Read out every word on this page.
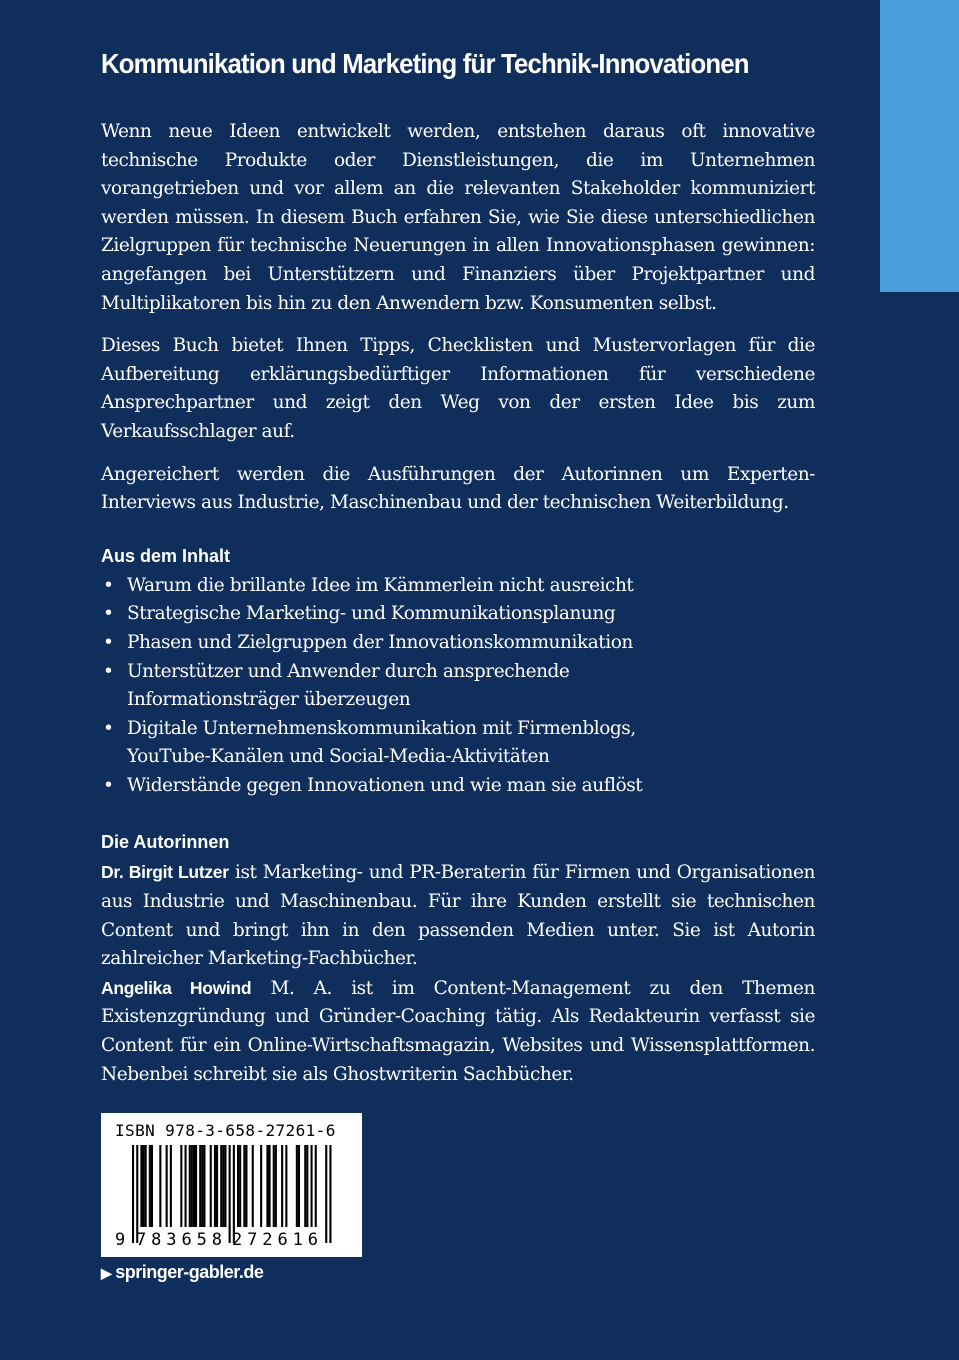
Kommunikation und Marketing für Technik-Innovationen

Wenn neue Ideen entwickelt werden, entstehen daraus oft innovative technische Produkte oder Dienstleistungen, die im Unternehmen vorangetrieben und vor allem an die relevanten Stakeholder kommuniziert werden müssen. In diesem Buch erfahren Sie, wie Sie diese unterschiedlichen Zielgruppen für technische Neuerungen in allen Innovationsphasen gewinnen: angefangen bei Unterstützern und Finanziers über Projektpartner und Multiplikatoren bis hin zu den Anwendern bzw. Konsumenten selbst.

Dieses Buch bietet Ihnen Tipps, Checklisten und Mustervorlagen für die Aufbereitung erklärungsbedürftiger Informationen für verschiedene Ansprechpartner und zeigt den Weg von der ersten Idee bis zum Verkaufsschlager auf.

Angereichert werden die Ausführungen der Autorinnen um Experten-Interviews aus Industrie, Maschinenbau und der technischen Weiterbildung.

Aus dem Inhalt
• Warum die brillante Idee im Kämmerlein nicht ausreicht
• Strategische Marketing- und Kommunikationsplanung
• Phasen und Zielgruppen der Innovationskommunikation
• Unterstützer und Anwender durch ansprechende
Informationsträger überzeugen
• Digitale Unternehmenskommunikation mit Firmenblogs,
YouTube-Kanälen und Social-Media-Aktivitäten
• Widerstände gegen Innovationen und wie man sie auflöst
Die Autorinnen

Dr. Birgit Lutzer ist Marketing- und PR-Beraterin für Firmen und Organisationen aus Industrie und Maschinenbau. Für ihre Kunden erstellt sie technischen Content und bringt ihn in den passenden Medien unter. Sie ist Autorin zahlreicher Marketing-Fachbücher.

Angelika Howind M. A. ist im Content-Management zu den Themen Existenzgründung und Gründer-Coaching tätig. Als Redakteurin verfasst sie Content für ein Online-Wirtschaftsmagazin, Websites und Wissensplattformen. Nebenbei schreibt sie als Ghostwriterin Sachbücher.

ISBN 978-3-658-27261-6
9 783658 272616
▶ springer-gabler.de
